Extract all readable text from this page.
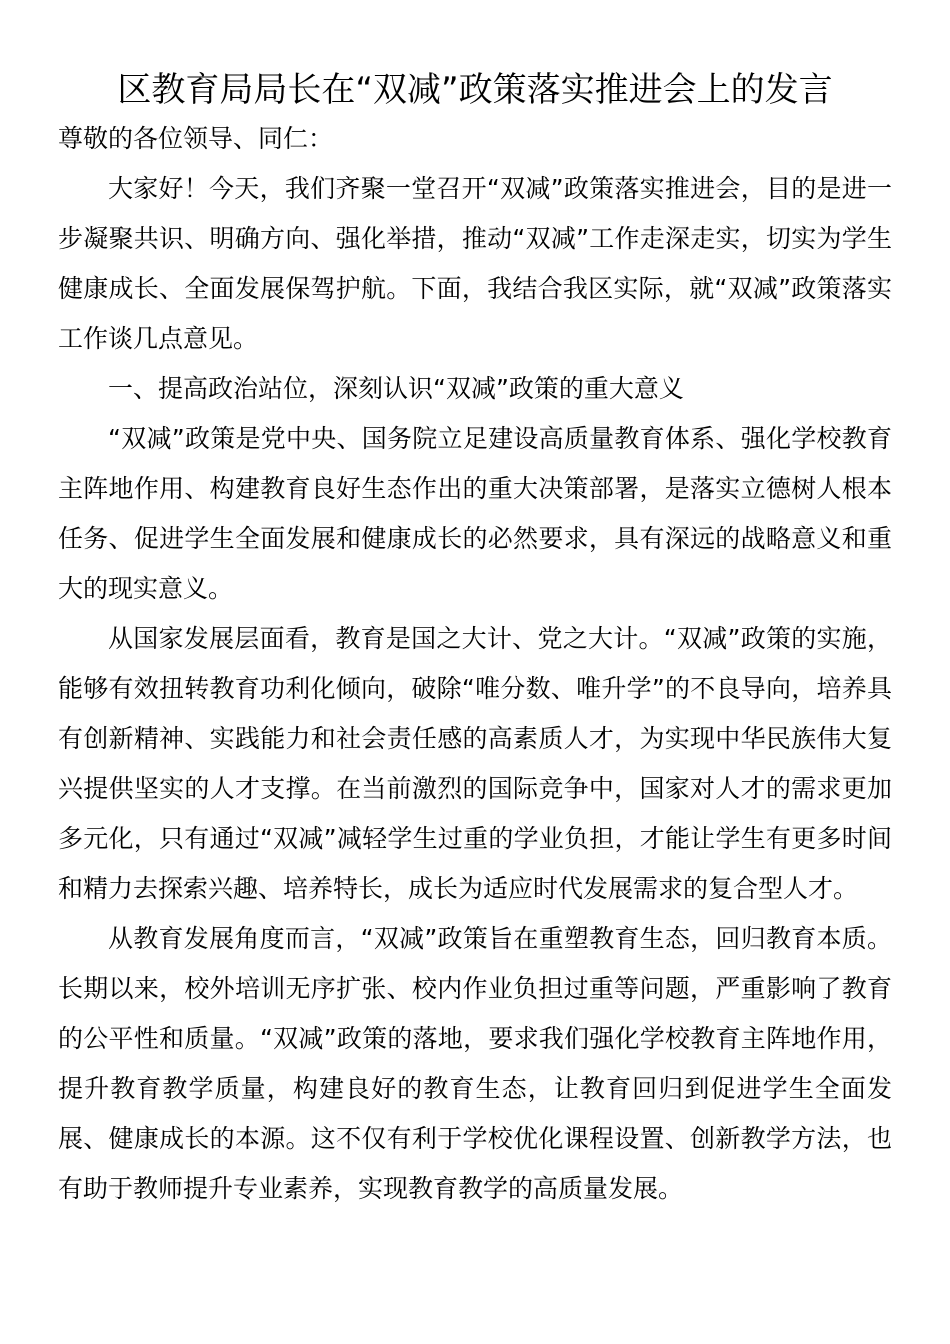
区教育局局长在“双减”政策落实推进会上的发言

尊敬的各位领导、同仁：

大家好！今天，我们齐聚一堂召开“双减”政策落实推进会，目的是进一步凝聚共识、明确方向、强化举措，推动“双减”工作走深走实，切实为学生健康成长、全面发展保驾护航。下面，我结合我区实际，就“双减”政策落实工作谈几点意见。

一、提高政治站位，深刻认识“双减”政策的重大意义

“双减”政策是党中央、国务院立足建设高质量教育体系、强化学校教育主阵地作用、构建教育良好生态作出的重大决策部署，是落实立德树人根本任务、促进学生全面发展和健康成长的必然要求，具有深远的战略意义和重大的现实意义。

从国家发展层面看，教育是国之大计、党之大计。“双减”政策的实施，能够有效扭转教育功利化倾向，破除“唯分数、唯升学”的不良导向，培养具有创新精神、实践能力和社会责任感的高素质人才，为实现中华民族伟大复兴提供坚实的人才支撑。在当前激烈的国际竞争中，国家对人才的需求更加多元化，只有通过“双减”减轻学生过重的学业负担，才能让学生有更多时间和精力去探索兴趣、培养特长，成长为适应时代发展需求的复合型人才。

从教育发展角度而言，“双减”政策旨在重塑教育生态，回归教育本质。长期以来，校外培训无序扩张、校内作业负担过重等问题，严重影响了教育的公平性和质量。“双减”政策的落地，要求我们强化学校教育主阵地作用，提升教育教学质量，构建良好的教育生态，让教育回归到促进学生全面发展、健康成长的本源。这不仅有利于学校优化课程设置、创新教学方法，也有助于教师提升专业素养，实现教育教学的高质量发展。
